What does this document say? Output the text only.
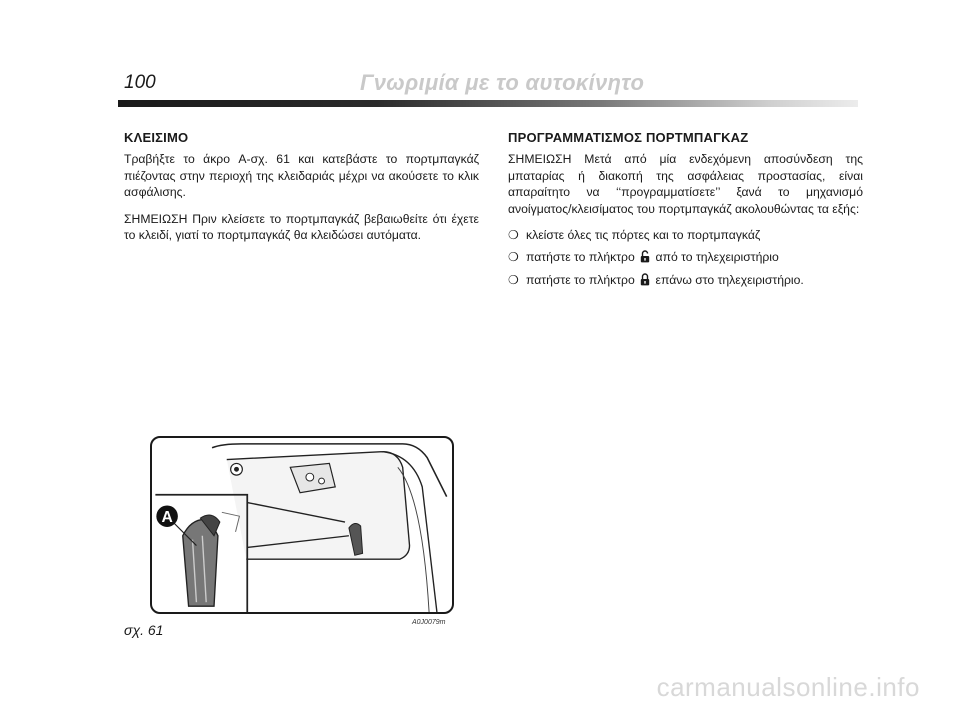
100	Γνωριμία με το αυτοκίνητο
ΚΛΕΙΣΙΜΟ

Τραβήξτε το άκρο A-σχ. 61 και κατεβάστε το πορτμπαγκάζ πιέζοντας στην περιοχή της κλειδαριάς μέχρι να ακούσετε το κλικ ασφάλισης.

ΣΗΜΕΙΩΣΗ Πριν κλείσετε το πορτμπαγκάζ βεβαιωθείτε ότι έχετε το κλειδί, γιατί το πορτμπαγκάζ θα κλειδώσει αυτόματα.

ΠΡΟΓΡΑΜΜΑΤΙΣΜΟΣ ΠΟΡΤΜΠΑΓΚΑΖ

ΣΗΜΕΙΩΣΗ Μετά από μία ενδεχόμενη αποσύνδεση της μπαταρίας ή διακοπή της ασφάλειας προστασίας, είναι απαραίτητο να ‘‘προγραμματίσετε’’ ξανά το μηχανισμό ανοίγματος/κλεισίματος του πορτμπαγκάζ ακολουθώντας τα εξής:

❍ κλείστε όλες τις πόρτες και το πορτμπαγκάζ
❍ πατήστε το πλήκτρο από το τηλεχειριστήριο
❍ πατήστε το πλήκτρο επάνω στο τηλεχειριστήριο.
A
σχ. 61	A0J0079m
carmanualsonline.info
